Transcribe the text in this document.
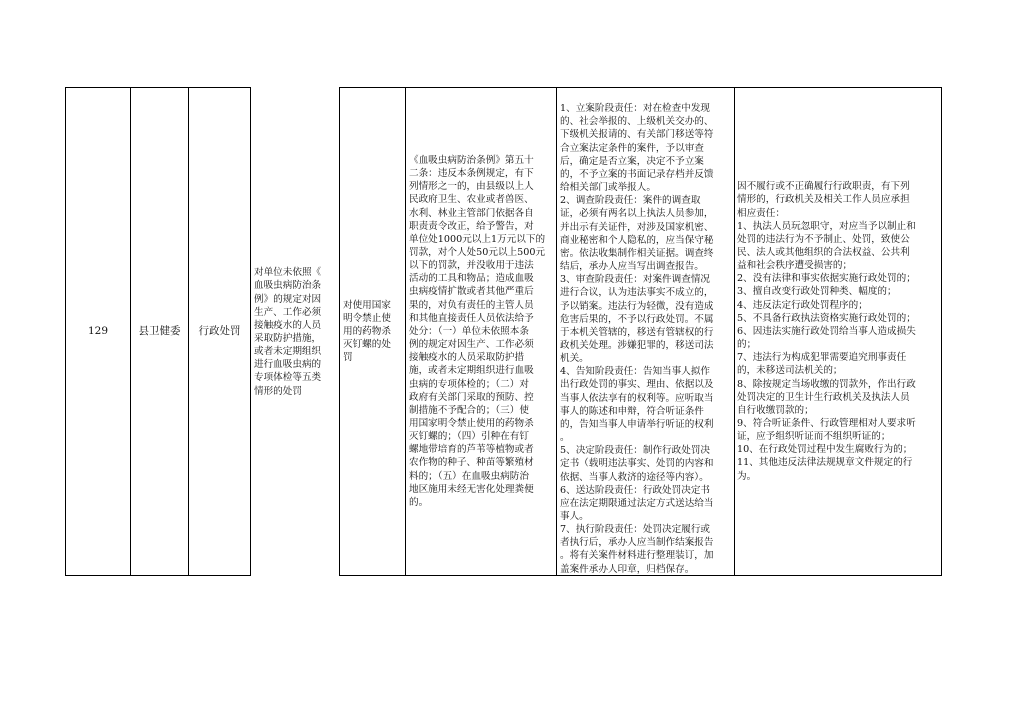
129	县卫健委	行政处罚
对单位未依照《
血吸虫病防治条
例》的规定对因
生产、工作必须
接触疫水的人员
采取防护措施，
或者未定期组织
进行血吸虫病的
专项体检等五类
情形的处罚
对使用国家
明令禁止使
用的药物杀
灭钉螺的处
罚
《血吸虫病防治条例》第五十
二条：违反本条例规定，有下
列情形之一的，由县级以上人
民政府卫生、农业或者兽医、
水利、林业主管部门依据各自
职责责令改正，给予警告，对
单位处1000元以上1万元以下的
罚款，对个人处50元以上500元
以下的罚款，并没收用于违法
活动的工具和物品；造成血吸
虫病疫情扩散或者其他严重后
果的，对负有责任的主管人员
和其他直接责任人员依法给予
处分：（一）单位未依照本条
例的规定对因生产、工作必须
接触疫水的人员采取防护措
施，或者未定期组织进行血吸
虫病的专项体检的；（二）对
政府有关部门采取的预防、控
制措施不予配合的；（三）使
用国家明令禁止使用的药物杀
灭钉螺的；（四）引种在有钉
螺地带培育的芦苇等植物或者
农作物的种子、种苗等繁殖材
料的；（五）在血吸虫病防治
地区施用未经无害化处理粪便
的。

1、立案阶段责任：对在检查中发现
的、社会举报的、上级机关交办的、
下级机关报请的、有关部门移送等符
合立案法定条件的案件，予以审查
后，确定是否立案，决定不予立案
的，不予立案的书面记录存档并反馈
给相关部门或举报人。
2、调查阶段责任：案件的调查取
证，必须有两名以上执法人员参加，
并出示有关证件，对涉及国家机密、
商业秘密和个人隐私的，应当保守秘
密。依法收集制作相关证据。调查终
结后，承办人应当写出调查报告。
3、审查阶段责任：对案件调查情况
进行合议，认为违法事实不成立的，
予以销案。违法行为轻微，没有造成
危害后果的，不予以行政处罚。不属
于本机关管辖的，移送有管辖权的行
政机关处理。涉嫌犯罪的，移送司法
机关。
4、告知阶段责任：告知当事人拟作
出行政处罚的事实、理由、依据以及
当事人依法享有的权利等。应听取当
事人的陈述和申辩，符合听证条件
的，告知当事人申请举行听证的权利
。
5、决定阶段责任：制作行政处罚决
定书（载明违法事实、处罚的内容和
依据、当事人救济的途径等内容）。
6、送达阶段责任：行政处罚决定书
应在法定期限通过法定方式送达给当
事人。
7、执行阶段责任：处罚决定履行或
者执行后，承办人应当制作结案报告
。将有关案件材料进行整理装订，加
盖案件承办人印章，归档保存。

因不履行或不正确履行行政职责，有下列
情形的，行政机关及相关工作人员应承担
相应责任：
1、执法人员玩忽职守，对应当予以制止和
处罚的违法行为不予制止、处罚，致使公
民、法人或其他组织的合法权益、公共利
益和社会秩序遭受损害的；
2、没有法律和事实依据实施行政处罚的；
3、擅自改变行政处罚种类、幅度的；
4、违反法定行政处罚程序的；
5、不具备行政执法资格实施行政处罚的；
6、因违法实施行政处罚给当事人造成损失
的；
7、违法行为构成犯罪需要追究刑事责任
的，未移送司法机关的；
8、除按规定当场收缴的罚款外，作出行政
处罚决定的卫生计生行政机关及执法人员
自行收缴罚款的；
9、符合听证条件、行政管理相对人要求听
证，应予组织听证而不组织听证的；
10、在行政处罚过程中发生腐败行为的；
11、其他违反法律法规规章文件规定的行
为。
